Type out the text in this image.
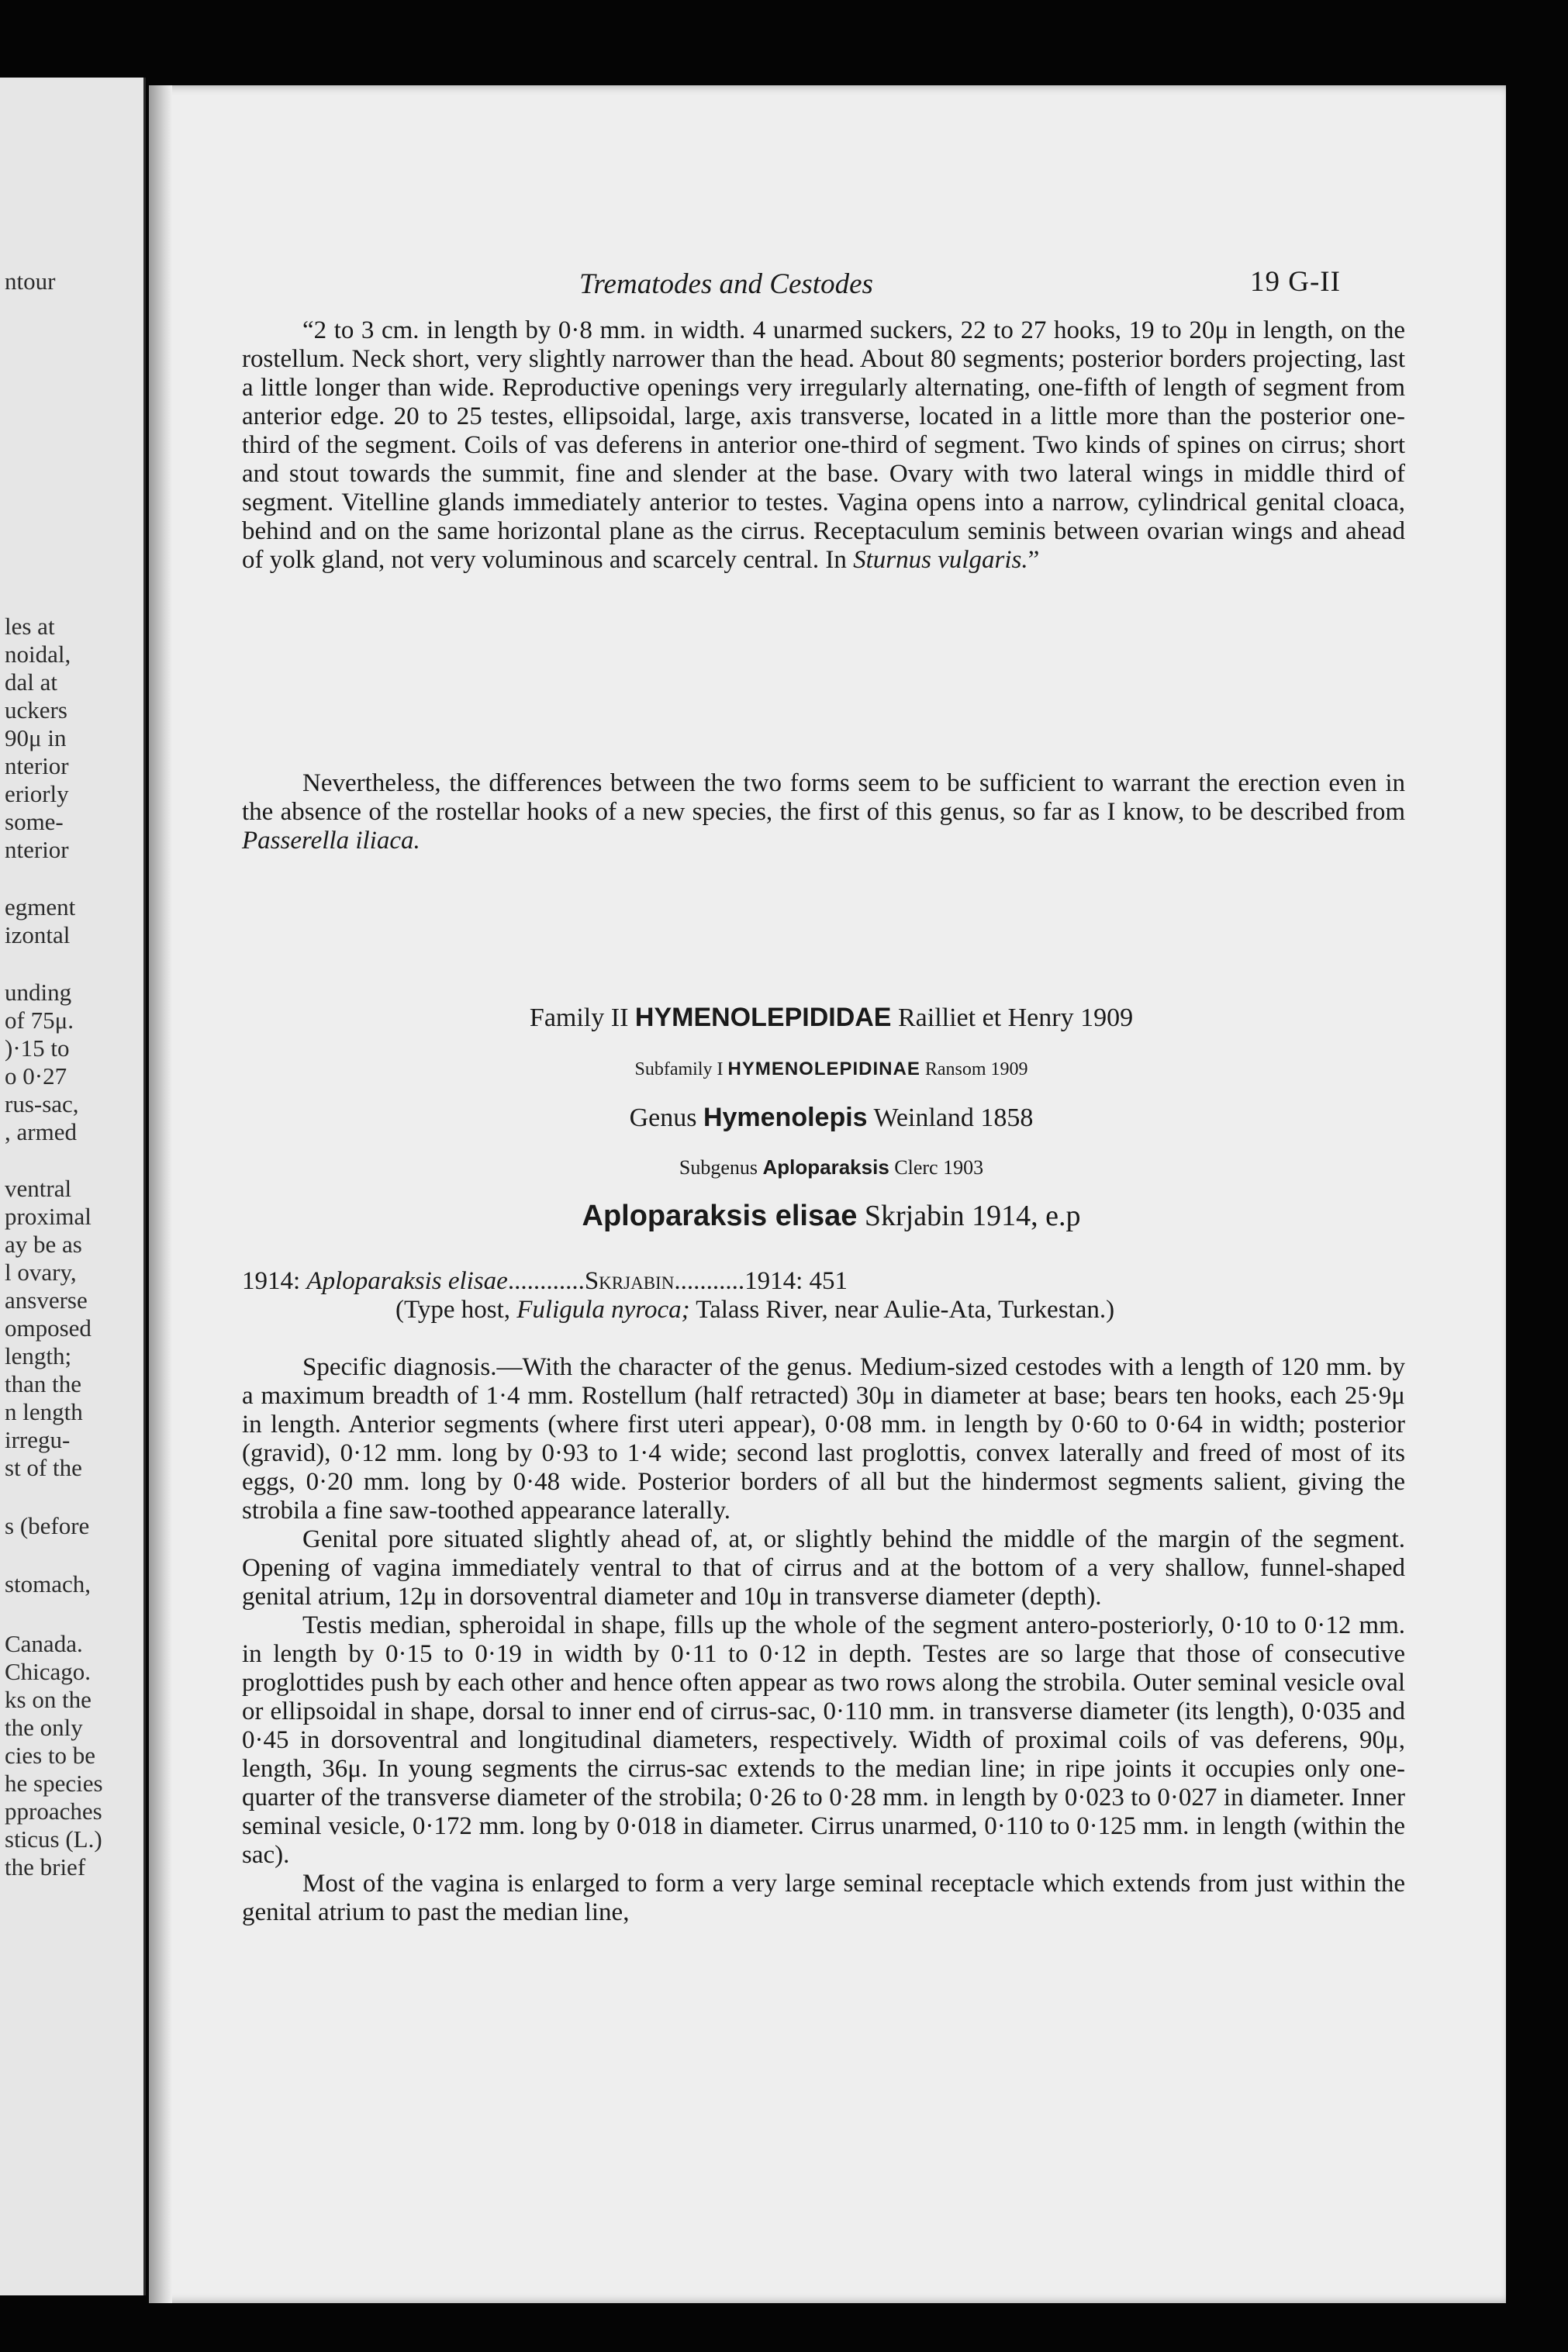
ntour
les at
noidal,
dal at
uckers
90μ in
nterior
eriorly
some-
nterior
egment
izontal
unding
of 75μ.
)·15 to
o 0·27
rus-sac,
, armed
ventral
proximal
ay be as
l ovary,
ansverse
omposed
length;
than the
n length
irregu-
st of the
s (before
stomach,
Canada.
Chicago.
ks on the
the only
cies to be
he species
pproaches
sticus (L.)
the brief
Trematodes and Cestodes	19 G-II

“2 to 3 cm. in length by 0·8 mm. in width. 4 unarmed suckers, 22 to 27 hooks, 19 to 20μ in length, on the rostellum. Neck short, very slightly narrower than the head. About 80 segments; posterior borders projecting, last a little longer than wide. Reproductive openings very irregularly alternating, one-fifth of length of segment from anterior edge. 20 to 25 testes, ellipsoidal, large, axis transverse, located in a little more than the posterior one-third of the segment. Coils of vas deferens in anterior one-third of segment. Two kinds of spines on cirrus; short and stout towards the summit, fine and slender at the base. Ovary with two lateral wings in middle third of segment. Vitelline glands immediately anterior to testes. Vagina opens into a narrow, cylindrical genital cloaca, behind and on the same horizontal plane as the cirrus. Receptaculum seminis between ovarian wings and ahead of yolk gland, not very voluminous and scarcely central. In Sturnus vulgaris.”

Nevertheless, the differences between the two forms seem to be sufficient to warrant the erection even in the absence of the rostellar hooks of a new species, the first of this genus, so far as I know, to be described from Passerella iliaca.

Family II HYMENOLEPIDIDAE Railliet et Henry 1909
Subfamily I HYMENOLEPIDINAE Ransom 1909
Genus Hymenolepis Weinland 1858
Subgenus Aploparaksis Clerc 1903
Aploparaksis elisae Skrjabin 1914, e.p
1914: Aploparaksis elisae............Skrjabin...........1914: 451
(Type host, Fuligula nyroca; Talass River, near Aulie-Ata, Turkestan.)

Specific diagnosis.—With the character of the genus. Medium-sized cestodes with a length of 120 mm. by a maximum breadth of 1·4 mm. Rostellum (half retracted) 30μ in diameter at base; bears ten hooks, each 25·9μ in length. Anterior segments (where first uteri appear), 0·08 mm. in length by 0·60 to 0·64 in width; posterior (gravid), 0·12 mm. long by 0·93 to 1·4 wide; second last proglottis, convex laterally and freed of most of its eggs, 0·20 mm. long by 0·48 wide. Posterior borders of all but the hindermost segments salient, giving the strobila a fine saw-toothed appearance laterally.

Genital pore situated slightly ahead of, at, or slightly behind the middle of the margin of the segment. Opening of vagina immediately ventral to that of cirrus and at the bottom of a very shallow, funnel-shaped genital atrium, 12μ in dorsoventral diameter and 10μ in transverse diameter (depth).

Testis median, spheroidal in shape, fills up the whole of the segment antero-posteriorly, 0·10 to 0·12 mm. in length by 0·15 to 0·19 in width by 0·11 to 0·12 in depth. Testes are so large that those of consecutive proglottides push by each other and hence often appear as two rows along the strobila. Outer seminal vesicle oval or ellipsoidal in shape, dorsal to inner end of cirrus-sac, 0·110 mm. in transverse diameter (its length), 0·035 and 0·45 in dorsoventral and longitudinal diameters, respectively. Width of proximal coils of vas deferens, 90μ, length, 36μ. In young segments the cirrus-sac extends to the median line; in ripe joints it occupies only one-quarter of the transverse diameter of the strobila; 0·26 to 0·28 mm. in length by 0·023 to 0·027 in diameter. Inner seminal vesicle, 0·172 mm. long by 0·018 in diameter. Cirrus unarmed, 0·110 to 0·125 mm. in length (within the sac).

Most of the vagina is enlarged to form a very large seminal receptacle which extends from just within the genital atrium to past the median line,
